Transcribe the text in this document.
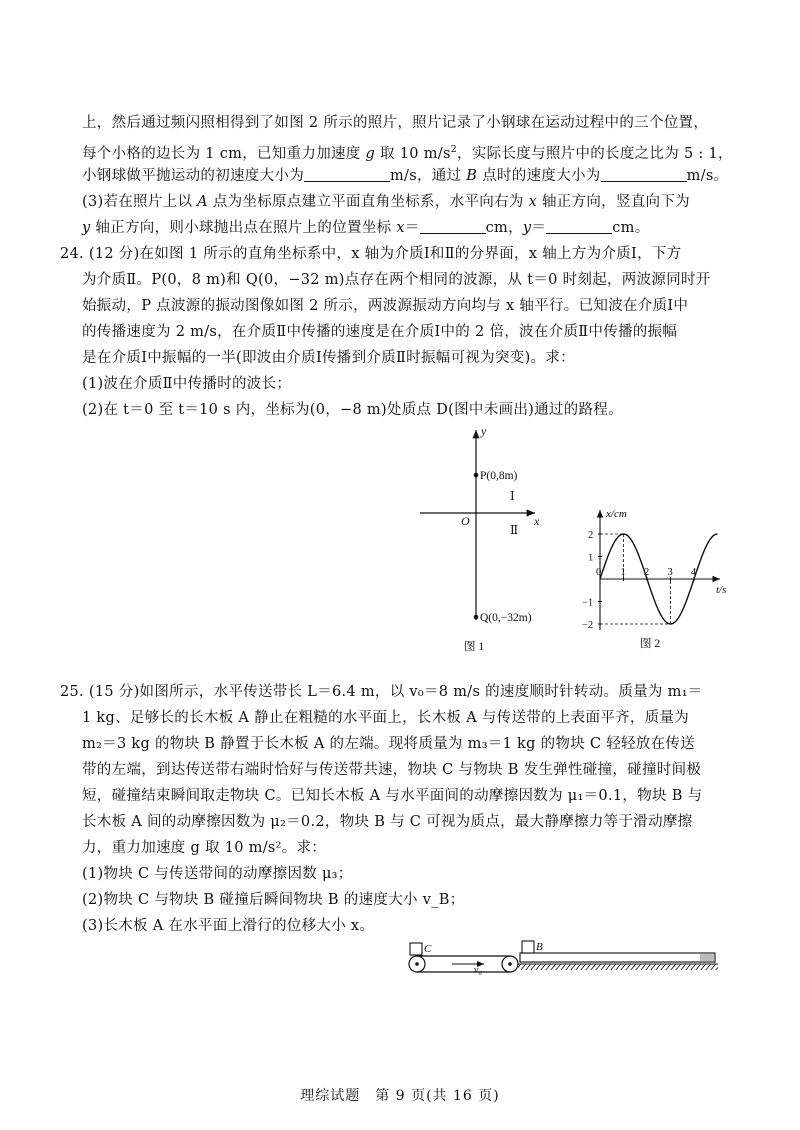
上，然后通过频闪照相得到了如图 2 所示的照片，照片记录了小钢球在运动过程中的三个位置，
每个小格的边长为 1 cm，已知重力加速度 g 取 10 $m/s^2$，实际长度与照片中的长度之比为 5 : 1，
小钢球做平抛运动的初速度大小为	m/s，通过 B 点时的速度大小为	m/s。
(3)若在照片上以 A 点为坐标原点建立平面直角坐标系，水平向右为 x 轴正方向，竖直向下为
y 轴正方向，则小球抛出点在照片上的位置坐标 x＝	cm，y＝	cm。
24. (12 分)在如图 1 所示的直角坐标系中，x 轴为介质Ⅰ和Ⅱ的分界面，x 轴上方为介质Ⅰ，下方
为介质Ⅱ。P(0，8 m)和 Q(0，−32 m)点存在两个相同的波源，从 t＝0 时刻起，两波源同时开
始振动，P 点波源的振动图像如图 2 所示，两波源振动方向均与 x 轴平行。已知波在介质Ⅰ中
的传播速度为 2 m/s，在介质Ⅱ中传播的速度是在介质Ⅰ中的 2 倍，波在介质Ⅱ中传播的振幅
是在介质Ⅰ中振幅的一半(即波由介质Ⅰ传播到介质Ⅱ时振幅可视为突变)。求：
(1)波在介质Ⅱ中传播时的波长；
(2)在 t＝0 至 t＝10 s 内，坐标为(0，−8 m)处质点 D(图中未画出)通过的路程。
y
x
O
P(0,8m)
Q(0,−32m)
Ⅰ
Ⅱ
图 1
0 1 2 3 4
2
1
−1
−2
x/cm
t/s
图 2
25. (15 分)如图所示，水平传送带长 L＝6.4 m，以 v₀＝8 m/s 的速度顺时针转动。质量为 m₁＝
1 kg、足够长的长木板 A 静止在粗糙的水平面上，长木板 A 与传送带的上表面平齐，质量为
m₂＝3 kg 的物块 B 静置于长木板 A 的左端。现将质量为 m₃＝1 kg 的物块 C 轻轻放在传送
带的左端，到达传送带右端时恰好与传送带共速，物块 C 与物块 B 发生弹性碰撞，碰撞时间极
短，碰撞结束瞬间取走物块 C。已知长木板 A 与水平面间的动摩擦因数为 μ₁＝0.1，物块 B 与
长木板 A 间的动摩擦因数为 μ₂＝0.2，物块 B 与 C 可视为质点，最大静摩擦力等于滑动摩擦
力，重力加速度 g 取 10 m/s²。求：
(1)物块 C 与传送带间的动摩擦因数 μ₃；
(2)物块 C 与物块 B 碰撞后瞬间物块 B 的速度大小 v_B；
(3)长木板 A 在水平面上滑行的位移大小 x。
v₀
C	B
理综试题　第 9 页(共 16 页)
